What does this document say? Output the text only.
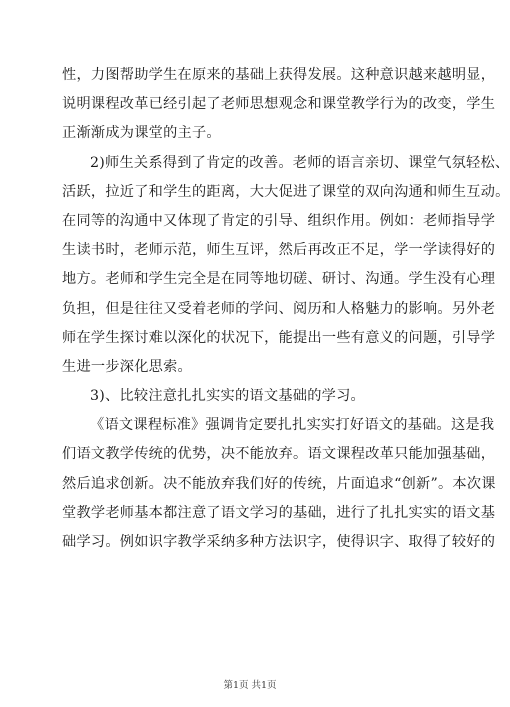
性，力图帮助学生在原来的基础上获得发展。这种意识越来越明显，
说明课程改革已经引起了老师思想观念和课堂教学行为的改变，学生
正渐渐成为课堂的主子。
2)师生关系得到了肯定的改善。老师的语言亲切、课堂气氛轻松、
活跃，拉近了和学生的距离，大大促进了课堂的双向沟通和师生互动。
在同等的沟通中又体现了肯定的引导、组织作用。例如：老师指导学
生读书时，老师示范，师生互评，然后再改正不足，学一学读得好的
地方。老师和学生完全是在同等地切磋、研讨、沟通。学生没有心理
负担，但是往往又受着老师的学问、阅历和人格魅力的影响。另外老
师在学生探讨难以深化的状况下，能提出一些有意义的问题，引导学
生进一步深化思索。
3)、比较注意扎扎实实的语文基础的学习。
《语文课程标准》强调肯定要扎扎实实打好语文的基础。这是我
们语文教学传统的优势，决不能放弃。语文课程改革只能加强基础，
然后追求创新。决不能放弃我们好的传统，片面追求“创新”。本次课
堂教学老师基本都注意了语文学习的基础，进行了扎扎实实的语文基
础学习。例如识字教学采纳多种方法识字，使得识字、取得了较好的
第1页 共1页
